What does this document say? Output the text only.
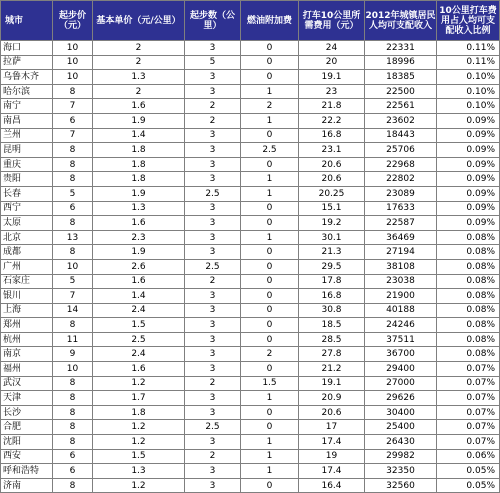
城市	起步价（元）	基本单价（元/公里）	起步数（公里）	燃油附加费	打车10公里所需费用（元）	2012年城镇居民人均可支配收入	10公里打车费用占人均可支配收入比例
海口	10	2	3	0	24	22331	0.11%
拉萨	10	2	5	0	20	18996	0.11%
乌鲁木齐	10	1.3	3	0	19.1	18385	0.10%
哈尔滨	8	2	3	1	23	22500	0.10%
南宁	7	1.6	2	2	21.8	22561	0.10%
南昌	6	1.9	2	1	22.2	23602	0.09%
兰州	7	1.4	3	0	16.8	18443	0.09%
昆明	8	1.8	3	2.5	23.1	25706	0.09%
重庆	8	1.8	3	0	20.6	22968	0.09%
贵阳	8	1.8	3	1	20.6	22802	0.09%
长春	5	1.9	2.5	1	20.25	23089	0.09%
西宁	6	1.3	3	0	15.1	17633	0.09%
太原	8	1.6	3	0	19.2	22587	0.09%
北京	13	2.3	3	1	30.1	36469	0.08%
成都	8	1.9	3	0	21.3	27194	0.08%
广州	10	2.6	2.5	0	29.5	38108	0.08%
石家庄	5	1.6	2	0	17.8	23038	0.08%
银川	7	1.4	3	0	16.8	21900	0.08%
上海	14	2.4	3	0	30.8	40188	0.08%
郑州	8	1.5	3	0	18.5	24246	0.08%
杭州	11	2.5	3	0	28.5	37511	0.08%
南京	9	2.4	3	2	27.8	36700	0.08%
福州	10	1.6	3	0	21.2	29400	0.07%
武汉	8	1.2	2	1.5	19.1	27000	0.07%
天津	8	1.7	3	1	20.9	29626	0.07%
长沙	8	1.8	3	0	20.6	30400	0.07%
合肥	8	1.2	2.5	0	17	25400	0.07%
沈阳	8	1.2	3	1	17.4	26430	0.07%
西安	6	1.5	2	1	19	29982	0.06%
呼和浩特	6	1.3	3	1	17.4	32350	0.05%
济南	8	1.2	3	0	16.4	32560	0.05%
